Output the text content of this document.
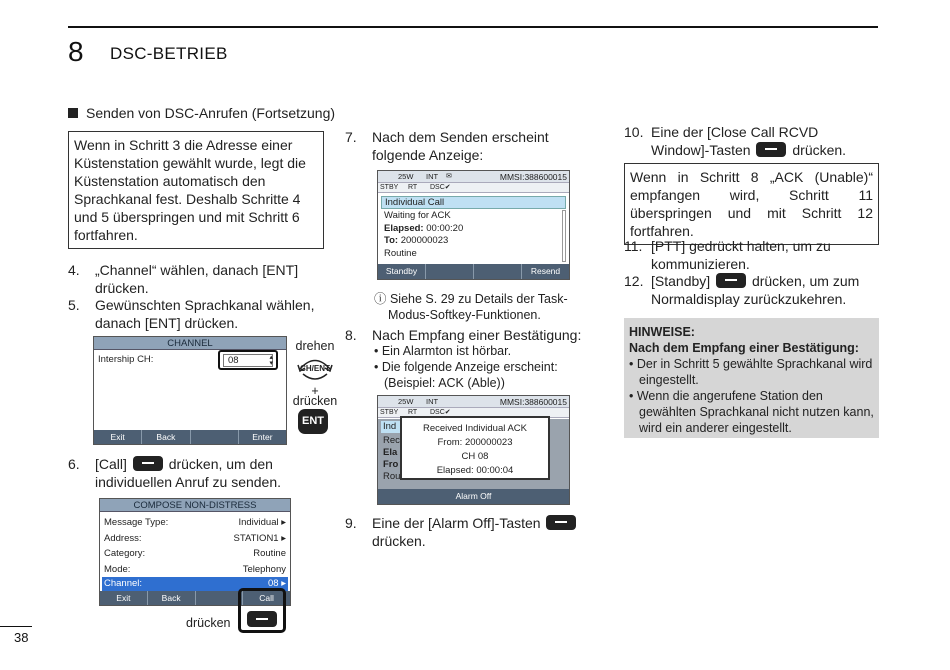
8 DSC-BETRIEB
Senden von DSC-Anrufen (Fortsetzung)
Wenn in Schritt 3 die Adresse einer Küstenstation gewählt wurde, legt die Küstenstation automatisch den Sprachkanal fest. Deshalb Schritte 4 und 5 überspringen und mit Schritt 6 fortfahren.
4.	„Channel“ wählen, danach [ENT] drücken.
5.	Gewünschten Sprachkanal wählen, danach [ENT] drücken.
CHANNEL
Intership CH:	08	▴
▾
Exit	Back	Enter
drehen
CH/ENT
+
drücken
ENT
6.	[Call]	drücken, um den individuellen Anruf zu senden.
COMPOSE NON-DISTRESS
Message Type:	Individual ▸
Address:	STATION1 ▸
Category:	Routine
Mode:	Telephony
Channel:	08 ▸
Exit	Back	Call
drücken
7.	Nach dem Senden erscheint folgende Anzeige:
25W INT ✉	MMSI:388600015
STBY RT DSC✔
Individual Call
Waiting for ACK
Elapsed: 00:00:20
To: 200000023
Routine
Standby	Resend
ⓘ Siehe S. 29 zu Details der Task-Modus-Softkey-Funktionen.
8.	Nach Empfang einer Bestätigung:
• Ein Alarmton ist hörbar.
• Die folgende Anzeige erscheint: (Beispiel: ACK (Able))
25W INT	MMSI:388600015
STBY RT DSC✔
Ind
Rec
Ela
Fro
Rou
Received Individual ACK
From: 200000023
CH 08
Elapsed: 00:00:04
Alarm Off
9.	Eine der [Alarm Off]-Tasten  drücken.
10. Eine der [Close Call RCVD Window]-Tasten	drücken.
Wenn in Schritt 8 „ACK (Unable)“ empfangen wird, Schritt 11 überspringen und mit Schritt 12 fortfahren.
11. [PTT] gedrückt halten, um zu kommunizieren.
12. [Standby]	drücken, um zum Normaldisplay zurückzukehren.
HINWEISE:
Nach dem Empfang einer Bestätigung:
• Der in Schritt 5 gewählte Sprachkanal wird eingestellt.
• Wenn die angerufene Station den gewählten Sprachkanal nicht nutzen kann, wird ein anderer eingestellt.
38
